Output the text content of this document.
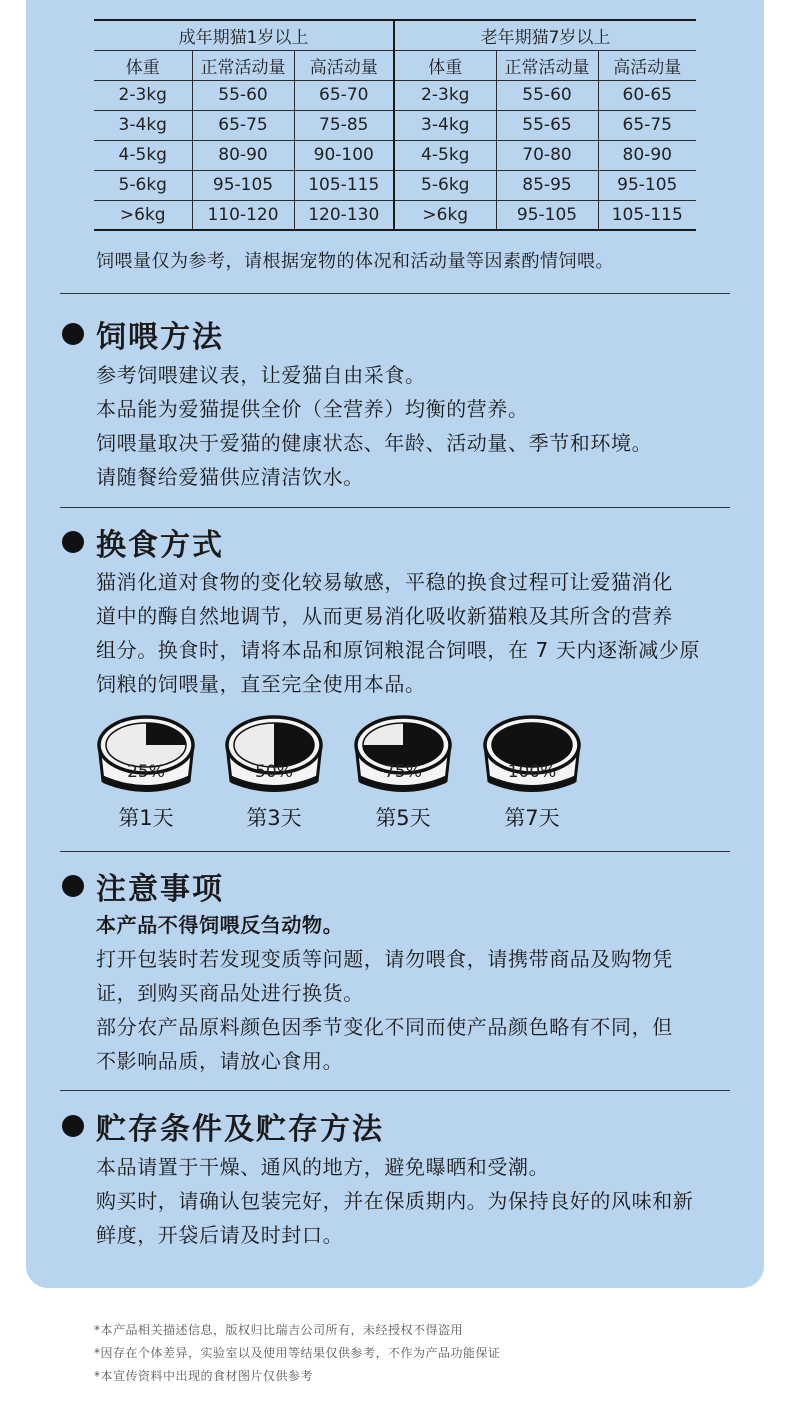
成年期猫1岁以上			老年期猫7岁以上		
体重	正常活动量	高活动量	体重	正常活动量	高活动量
2-3kg	55-60	65-70	2-3kg	55-60	60-65
3-4kg	65-75	75-85	3-4kg	55-65	65-75
4-5kg	80-90	90-100	4-5kg	70-80	80-90
5-6kg	95-105	105-115	5-6kg	85-95	95-105
>6kg	110-120	120-130	>6kg	95-105	105-115
饲喂量仅为参考，请根据宠物的体况和活动量等因素酌情饲喂。
饲喂方法

参考饲喂建议表，让爱猫自由采食。

本品能为爱猫提供全价（全营养）均衡的营养。

饲喂量取决于爱猫的健康状态、年龄、活动量、季节和环境。

请随餐给爱猫供应清洁饮水。

换食方式

猫消化道对食物的变化较易敏感，平稳的换食过程可让爱猫消化

道中的酶自然地调节，从而更易消化吸收新猫粮及其所含的营养

组分。换食时，请将本品和原饲粮混合饲喂，在 7 天内逐渐减少原

饲粮的饲喂量，直至完全使用本品。

25%
第1天
50%
第3天
75%
第5天
100%
第7天
注意事项

本产品不得饲喂反刍动物。

打开包装时若发现变质等问题，请勿喂食，请携带商品及购物凭

证，到购买商品处进行换货。

部分农产品原料颜色因季节变化不同而使产品颜色略有不同，但

不影响品质，请放心食用。

贮存条件及贮存方法

本品请置于干燥、通风的地方，避免曝晒和受潮。

购买时，请确认包装完好，并在保质期内。为保持良好的风味和新

鲜度，开袋后请及时封口。

*本产品相关描述信息，版权归比瑞吉公司所有，未经授权不得盗用
*因存在个体差异，实验室以及使用等结果仅供参考，不作为产品功能保证
*本宣传资料中出现的食材图片仅供参考
